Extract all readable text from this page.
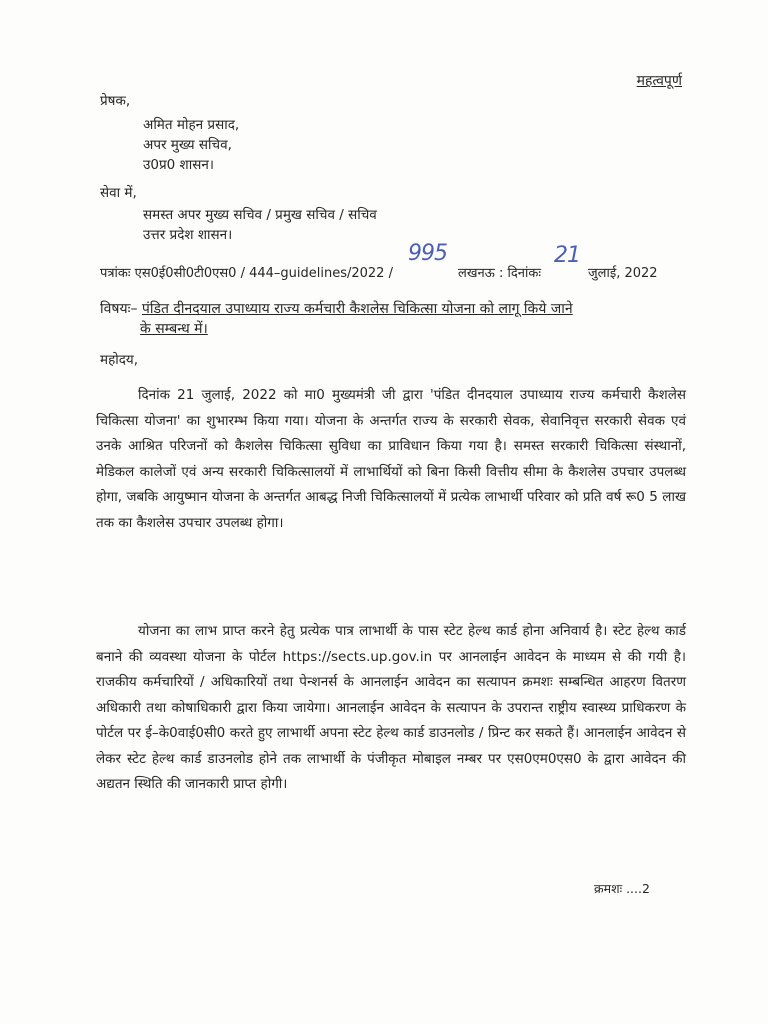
महत्वपूर्ण
प्रेषक,
अमित मोहन प्रसाद,
अपर मुख्य सचिव,
उ0प्र0 शासन।
सेवा में,
समस्त अपर मुख्य सचिव / प्रमुख सचिव / सचिव
उत्तर प्रदेश शासन।
पत्रांकः एस0ई0सी0टी0एस0 / 444–guidelines/2022 /
995
लखनऊ : दिनांकः
21
जुलाई, 2022
विषयः– पंडित दीनदयाल उपाध्याय राज्य कर्मचारी कैशलेस चिकित्सा योजना को लागू किये जाने
के सम्बन्ध में।
महोदय,

दिनांक 21 जुलाई, 2022 को मा0 मुख्यमंत्री जी द्वारा 'पंडित दीनदयाल उपाध्याय राज्य कर्मचारी कैशलेस चिकित्सा योजना' का शुभारम्भ किया गया। योजना के अन्तर्गत राज्य के सरकारी सेवक, सेवानिवृत्त सरकारी सेवक एवं उनके आश्रित परिजनों को कैशलेस चिकित्सा सुविधा का प्राविधान किया गया है। समस्त सरकारी चिकित्सा संस्थानों, मेडिकल कालेजों एवं अन्य सरकारी चिकित्सालयों में लाभार्थियों को बिना किसी वित्तीय सीमा के कैशलेस उपचार उपलब्ध होगा, जबकि आयुष्मान योजना के अन्तर्गत आबद्ध निजी चिकित्सालयों में प्रत्येक लाभार्थी परिवार को प्रति वर्ष रू0 5 लाख तक का कैशलेस उपचार उपलब्ध होगा।

योजना का लाभ प्राप्त करने हेतु प्रत्येक पात्र लाभार्थी के पास स्टेट हेल्थ कार्ड होना अनिवार्य है। स्टेट हेल्थ कार्ड बनाने की व्यवस्था योजना के पोर्टल https://sects.up.gov.in पर आनलाईन आवेदन के माध्यम से की गयी है। राजकीय कर्मचारियों / अधिकारियों तथा पेन्शनर्स के आनलाईन आवेदन का सत्यापन क्रमशः सम्बन्धित आहरण वितरण अधिकारी तथा कोषाधिकारी द्वारा किया जायेगा। आनलाईन आवेदन के सत्यापन के उपरान्त राष्ट्रीय स्वास्थ्य प्राधिकरण के पोर्टल पर ई–के0वाई0सी0 करते हुए लाभार्थी अपना स्टेट हेल्थ कार्ड डाउनलोड / प्रिन्ट कर सकते हैं। आनलाईन आवेदन से लेकर स्टेट हेल्थ कार्ड डाउनलोड होने तक लाभार्थी के पंजीकृत मोबाइल नम्बर पर एस0एम0एस0 के द्वारा आवेदन की अद्यतन स्थिति की जानकारी प्राप्त होगी।

क्रमशः ....2
